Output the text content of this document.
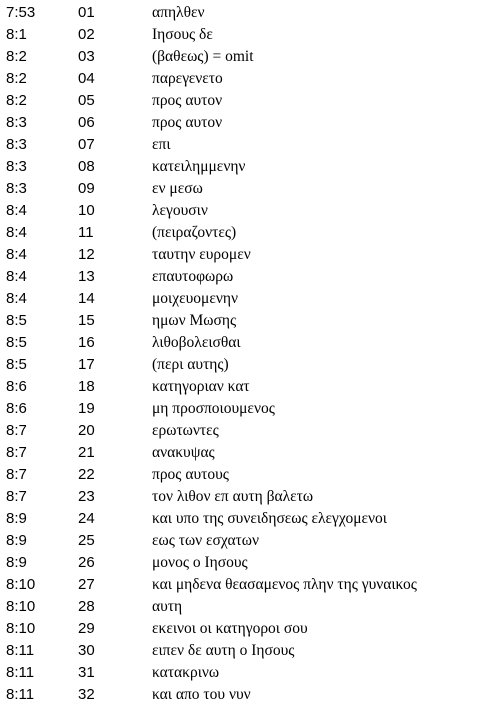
7:53	01	απηλθεν
8:1	02	Ιησους δε
8:2	03	(βαθεως) = omit
8:2	04	παρεγενετο
8:2	05	προς αυτον
8:3	06	προς αυτον
8:3	07	επι
8:3	08	κατειλημμενην
8:3	09	εν μεσω
8:4	10	λεγουσιν
8:4	11	(πειραζοντες)
8:4	12	ταυτην ευρομεν
8:4	13	επαυτοφωρω
8:4	14	μοιχευομενην
8:5	15	ημων Μωσης
8:5	16	λιθοβολεισθαι
8:5	17	(περι αυτης)
8:6	18	κατηγοριαν κατ
8:6	19	μη προσποιουμενος
8:7	20	ερωτωντες
8:7	21	ανακυψας
8:7	22	προς αυτους
8:7	23	τον λιθον επ αυτη βαλετω
8:9	24	και υπο της συνειδησεως ελεγχομενοι
8:9	25	εως των εσχατων
8:9	26	μονος ο Ιησους
8:10	27	και μηδενα θεασαμενος πλην της γυναικος
8:10	28	αυτη
8:10	29	εκεινοι οι κατηγοροι σου
8:11	30	ειπεν δε αυτη ο Ιησους
8:11	31	κατακρινω
8:11	32	και απο του νυν
